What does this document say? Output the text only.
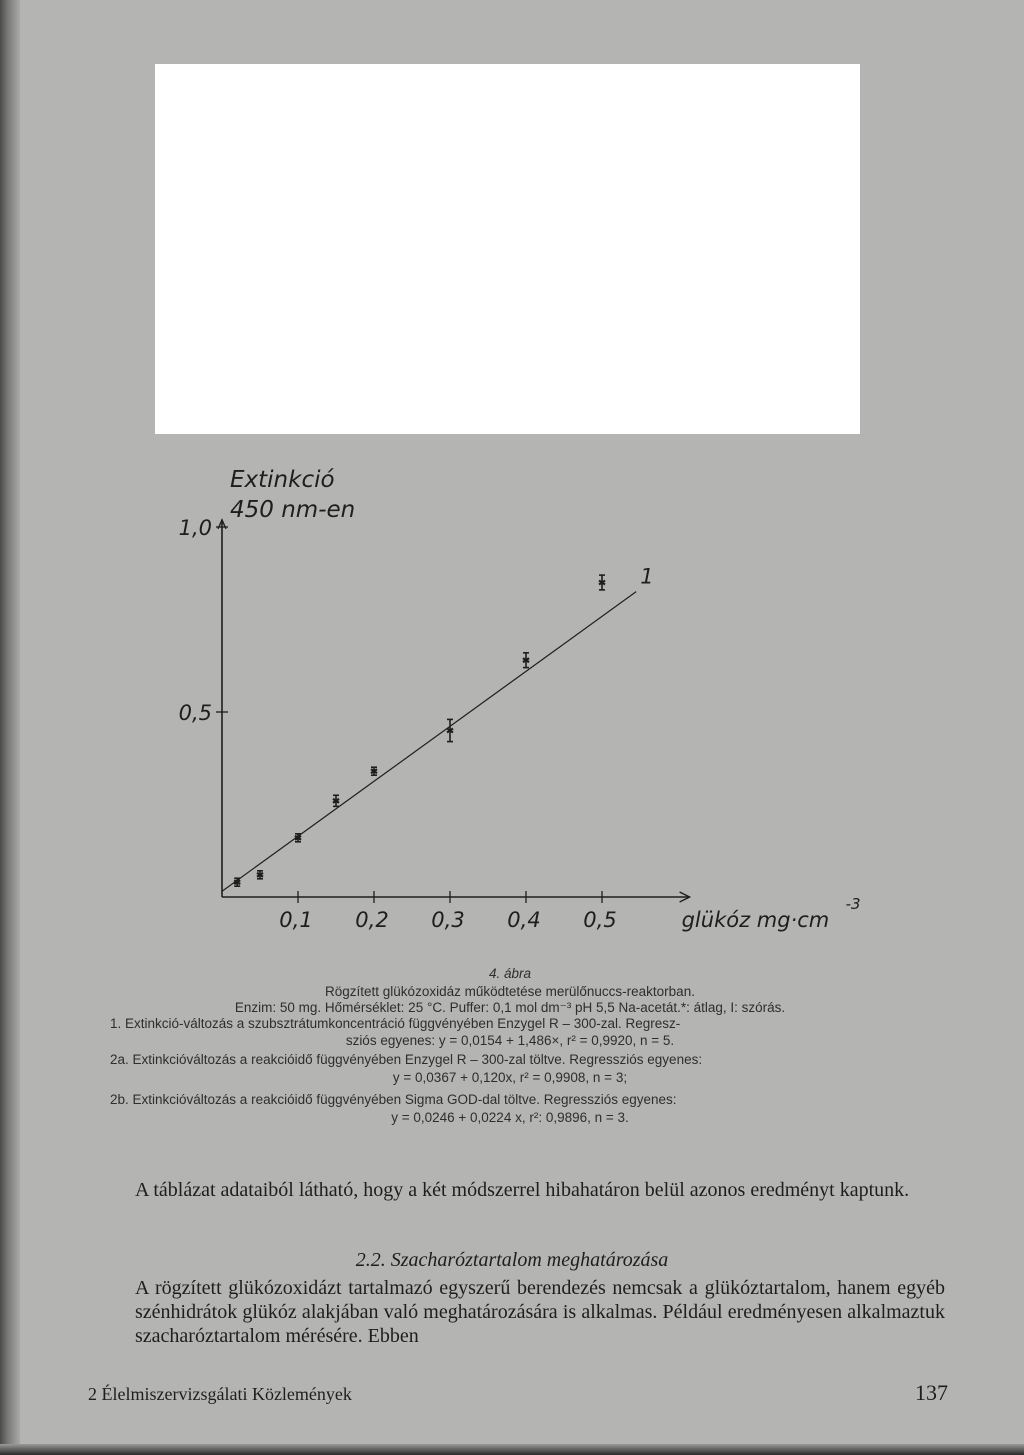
0,1 0,2 0,3 0,4 0,5
0,5
1,0
Extinkció
450 nm-en
glükóz mg·cm
-3
1

4. ábra

Rögzített glükózoxidáz működtetése merülőnuccs-reaktorban.

Enzim: 50 mg. Hőmérséklet: 25 °C. Puffer: 0,1 mol dm⁻³ pH 5,5 Na-acetát.*: átlag, I: szórás.

1. Extinkció-változás a szubsztrátumkoncentráció függvényében Enzygel R – 300-zal. Regresz-

sziós egyenes: y = 0,0154 + 1,486×, r² = 0,9920, n = 5.

2a. Extinkcióváltozás a reakcióidő függvényében Enzygel R – 300-zal töltve. Regressziós egyenes:

y = 0,0367 + 0,120x, r² = 0,9908, n = 3;

2b. Extinkcióváltozás a reakcióidő függvényében Sigma GOD-dal töltve. Regressziós egyenes:

y = 0,0246 + 0,0224 x, r²: 0,9896, n = 3.

A táblázat adataiból látható, hogy a két módszerrel hibahatáron belül azonos eredményt kaptunk.

2.2. Szacharóztartalom meghatározása

A rögzített glükózoxidázt tartalmazó egyszerű berendezés nemcsak a glükóztartalom, hanem egyéb szénhidrátok glükóz alakjában való meghatározására is alkalmas. Például eredményesen alkalmaztuk szacharóztartalom mérésére. Ebben

2 Élelmiszervizsgálati Közlemények	137
